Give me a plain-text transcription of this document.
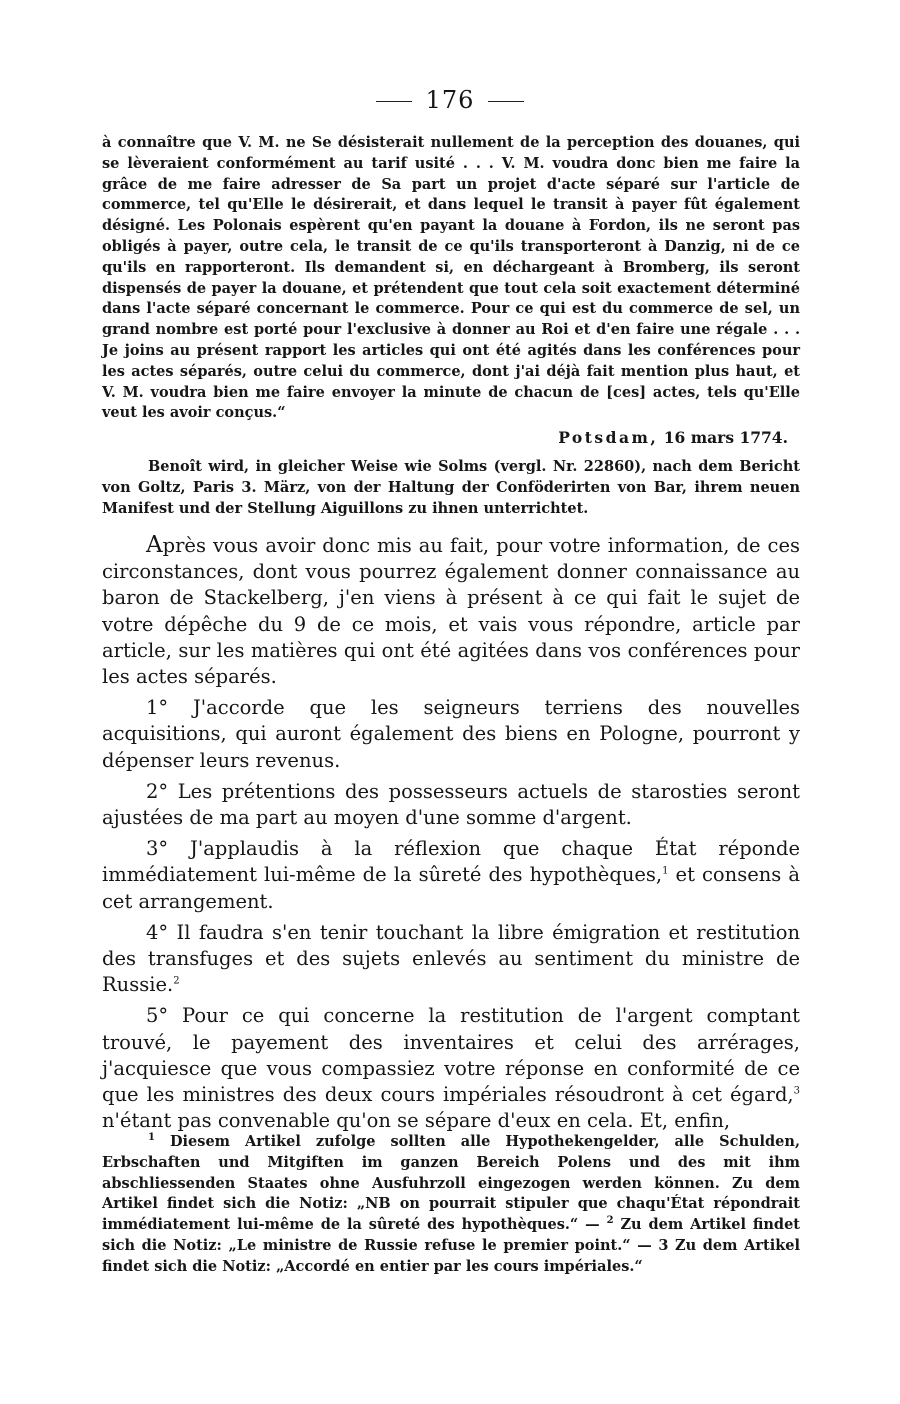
176
à connaître que V. M. ne Se désisterait nullement de la perception des douanes, qui se lèveraient conformément au tarif usité . . . V. M. voudra donc bien me faire la grâce de me faire adresser de Sa part un projet d'acte séparé sur l'article de commerce, tel qu'Elle le désirerait, et dans lequel le transit à payer fût également désigné. Les Polonais espèrent qu'en payant la douane à Fordon, ils ne seront pas obligés à payer, outre cela, le transit de ce qu'ils transporteront à Danzig, ni de ce qu'ils en rapporteront. Ils demandent si, en déchargeant à Bromberg, ils seront dispensés de payer la douane, et prétendent que tout cela soit exactement déterminé dans l'acte séparé concernant le commerce. Pour ce qui est du commerce de sel, un grand nombre est porté pour l'exclusive à donner au Roi et d'en faire une régale . . . Je joins au présent rapport les articles qui ont été agités dans les conférences pour les actes séparés, outre celui du commerce, dont j'ai déjà fait mention plus haut, et V. M. voudra bien me faire envoyer la minute de chacun de [ces] actes, tels qu'Elle veut les avoir conçus.“
Potsdam, 16 mars 1774.
Benoît wird, in gleicher Weise wie Solms (vergl. Nr. 22860), nach dem Bericht von Goltz, Paris 3. März, von der Haltung der Conföderirten von Bar, ihrem neuen Manifest und der Stellung Aiguillons zu ihnen unterrichtet.

Après vous avoir donc mis au fait, pour votre information, de ces circonstances, dont vous pourrez également donner connaissance au baron de Stackelberg, j'en viens à présent à ce qui fait le sujet de votre dépêche du 9 de ce mois, et vais vous répondre, article par article, sur les matières qui ont été agitées dans vos conférences pour les actes séparés.

1° J'accorde que les seigneurs terriens des nouvelles acquisitions, qui auront également des biens en Pologne, pourront y dépenser leurs revenus.

2° Les prétentions des possesseurs actuels de starosties seront ajustées de ma part au moyen d'une somme d'argent.

3° J'applaudis à la réflexion que chaque État réponde immédiatement lui-même de la sûreté des hypothèques,$^1$ et consens à cet arrangement.

4° Il faudra s'en tenir touchant la libre émigration et restitution des transfuges et des sujets enlevés au sentiment du ministre de Russie.$^2$

5° Pour ce qui concerne la restitution de l'argent comptant trouvé, le payement des inventaires et celui des arrérages, j'acquiesce que vous compassiez votre réponse en conformité de ce que les ministres des deux cours impériales résoudront à cet égard,$^3$ n'étant pas convenable qu'on se sépare d'eux en cela. Et, enfin,

$^1$ Diesem Artikel zufolge sollten alle Hypothekengelder, alle Schulden, Erbschaften und Mitgiften im ganzen Bereich Polens und des mit ihm abschliessenden Staates ohne Ausfuhrzoll eingezogen werden können. Zu dem Artikel findet sich die Notiz: „NB on pourrait stipuler que chaqu'État répondrait immédiatement lui-même de la sûreté des hypothèques.“ — $^2$ Zu dem Artikel findet sich die Notiz: „Le ministre de Russie refuse le premier point.“ — 3 Zu dem Artikel findet sich die Notiz: „Accordé en entier par les cours impériales.“
